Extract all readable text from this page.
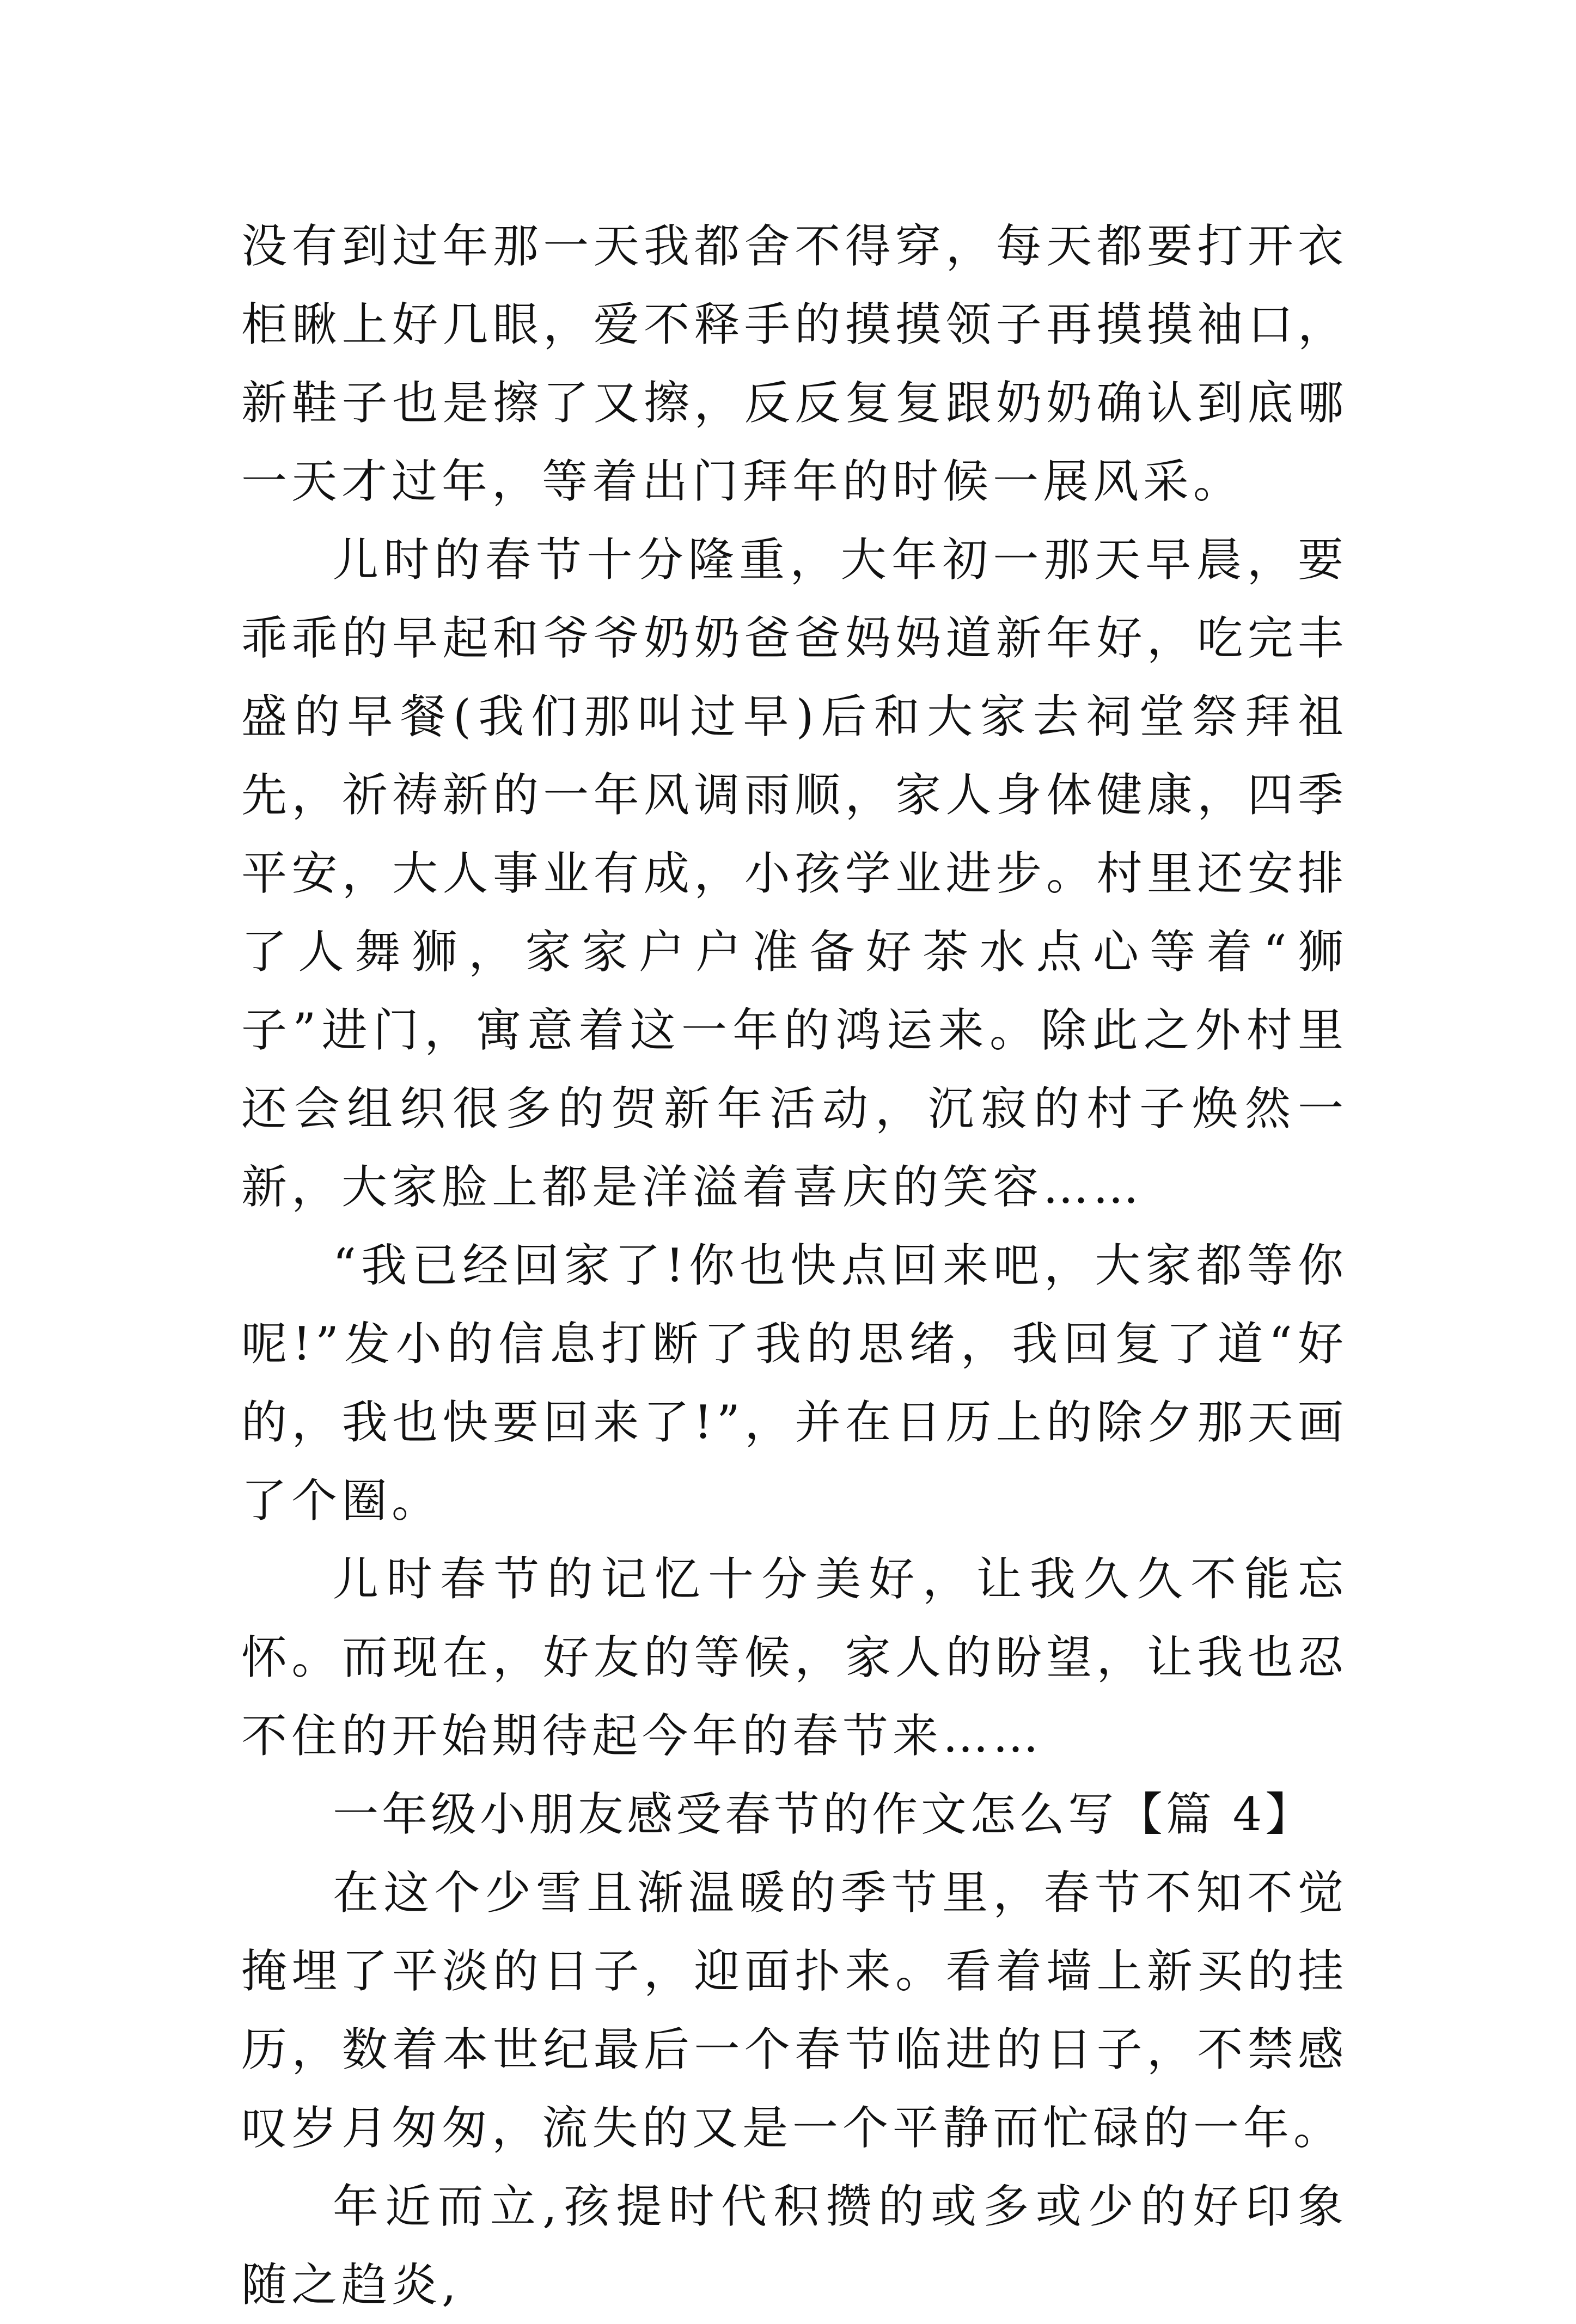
没有到过年那一天我都舍不得穿，每天都要打开衣柜瞅上好几眼，爱不释手的摸摸领子再摸摸袖口，新鞋子也是擦了又擦，反反复复跟奶奶确认到底哪一天才过年，等着出门拜年的时候一展风采。

儿时的春节十分隆重，大年初一那天早晨，要乖乖的早起和爷爷奶奶爸爸妈妈道新年好，吃完丰盛的早餐(我们那叫过早)后和大家去祠堂祭拜祖先，祈祷新的一年风调雨顺，家人身体健康，四季平安，大人事业有成，小孩学业进步。村里还安排了人舞狮，家家户户准备好茶水点心等着“狮子”进门，寓意着这一年的鸿运来。除此之外村里还会组织很多的贺新年活动，沉寂的村子焕然一新，大家脸上都是洋溢着喜庆的笑容……

“我已经回家了!你也快点回来吧，大家都等你呢!”发小的信息打断了我的思绪，我回复了道“好的，我也快要回来了!”，并在日历上的除夕那天画了个圈。

儿时春节的记忆十分美好，让我久久不能忘怀。而现在，好友的等候，家人的盼望，让我也忍不住的开始期待起今年的春节来……

一年级小朋友感受春节的作文怎么写【篇 4】

在这个少雪且渐温暖的季节里，春节不知不觉掩埋了平淡的日子，迎面扑来。看着墙上新买的挂历，数着本世纪最后一个春节临进的日子，不禁感叹岁月匆匆，流失的又是一个平静而忙碌的一年。

年近而立,孩提时代积攒的或多或少的好印象随之趋炎,
